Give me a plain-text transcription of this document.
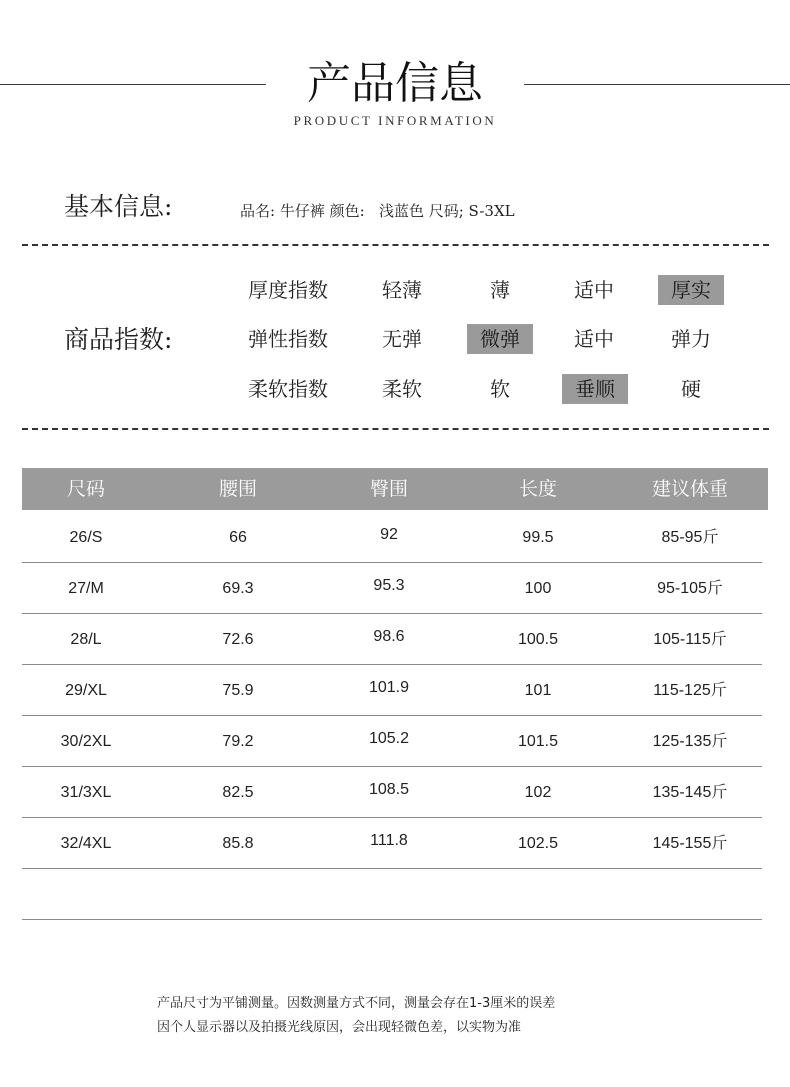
产品信息
PRODUCT INFORMATION
基本信息:	品名: 牛仔裤 颜色:   浅蓝色 尺码; S-3XL
商品指数:
厚度指数	轻薄	薄	适中	厚实
弹性指数	无弹	微弹	适中	弹力
柔软指数	柔软	软	垂顺	硬
尺码	腰围	臀围	长度	建议体重
26/S	66	92	99.5	85-95斤
27/M	69.3	95.3	100	95-105斤
28/L	72.6	98.6	100.5	105-115斤
29/XL	75.9	101.9	101	115-125斤
30/2XL	79.2	105.2	101.5	125-135斤
31/3XL	82.5	108.5	102	135-145斤
32/4XL	85.8	111.8	102.5	145-155斤
产品尺寸为平铺测量。因数测量方式不同，测量会存在1-3厘米的误差
因个人显示器以及拍摄光线原因，会出现轻微色差，以实物为准
